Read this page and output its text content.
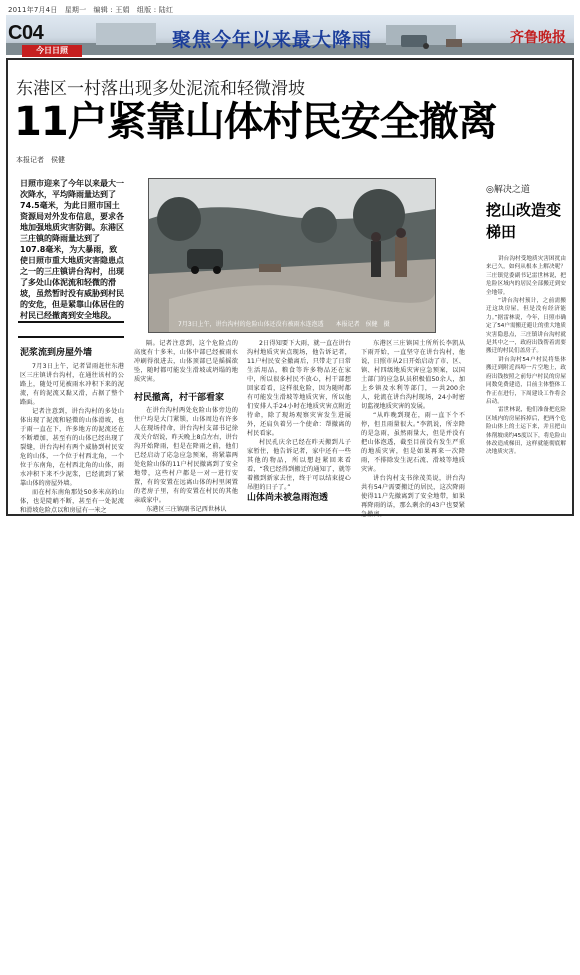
2011年7月4日　星期一　编辑 : 王娟　组版 : 陆红
聚焦今年以来最大降雨	齐鲁晚报
C04
今日日照
东港区一村落出现多处泥流和轻微滑坡
11户紧靠山体村民安全撤离
本报记者　侯健
日照市迎来了今年以来最大一次降水，平均降雨量达到了74.5毫米，为此日照市国土资源局对外发布信息，要求各地加强地质灾害防御。东港区三庄镇的降雨量达到了107.8毫米，为大暴雨，致使日照市重大地质灾害隐患点之一的三庄镇讲台沟村，出现了多处山体泥流和轻微的滑坡，虽然暂时没有威胁到村民的安危，但是紧靠山体居住的村民已经撤离到安全地段。
7月3日上午，讲台沟村的危险山体还没有被雨水连泡透　　本报记者　侯健　摄
泥浆流到房屋外墙

7月3日上午，记者冒雨赶往东港区三庄镇讲台沟村，在通往该村的公路上，随处可见被雨水冲积下来的泥流，有的泥流又黏又滑，占据了整个路面。

记者注意到，讲台沟村的多处山体出现了泥流和轻微的山体滑坡，也于雨一直在下，许多地方的泥流还在不断增加，甚至有的山体已经出现了裂缝，讲台沟村有两个威胁到村民安危的山体，一个位于村西北角，一个位于东南角，在村西北角的山体，雨水冲积下来不少泥浆，已经流到了紧靠山体的房屋外墙。

而在村东南角那处50多米高的山体，也是陡峭不断，甚至有一处泥流和滑坡危险点以和房屋有一米之

隔。记者注意到，这个危险点的高度有十多米，山体中部已经被雨水冲刷得很进去，山体顶部已是摇摇欲坠，随时都可能发生滑坡或坍塌的地质灾害。

村民撤离，村干部看家

在讲台沟村两处危险山体旁边的住户均是大门紧锁，山体周边有许多人在现场持命，讲台沟村支部书记徐茂关介绍说，昨天晚上8点左右，讲台沟开始降雨，但是在降雨之前，他们已经启动了応急应急预案，将紧靠两处危险山体的11户村民撤离到了安全地带，这些村户都是一对一进行安置，有的安置在远离山体的村里闲置的老房子里，有的安置在村民的其他亲戚家中。

东港区三庄镇副书记西世林认

2日得知要下大雨，就一直在讲台沟村地质灾害点现场，他告诉记者，11户村民安全撤离后，只带走了日常生活用品，粮食等许多物品还在家中，所以很多村民不放心，村干部想回家看看，这样很危险，因为随时都有可能发生滑坡等地质灾害，所以他们安排人手24小时在地质灾害点附近待命，除了现场观察灾害发生进展外，还肩负着另一个使命：帮撤离的村民看家。

村民孔庆余已经在昨天搬到儿子家暂住，他告诉记者，家中还有一些其他的物品，所以想赶紧回来看看，“我已经得到搬迁的通知了，就等着搬到新家去住，终于可以结束提心吊胆的日子了。”

山体尚未被急雨泡透

东港区三庄镇国土所所长李凯从下雨开始，一直坚守在讲台沟村，他说，日照市从2日开始启动了市、区、镇、村四级地质灾害应急预案，以国土部门的应急队员积极值50余人，加上乡镇及水利等部门，一共200余人，轮流在讲台沟村现场，24小时密切监视地质灾害的发展。

“从昨晚到现在，雨一直下个不停，但且雨量很大。”李凯说，所幸降的是急雨，虽然雨量大，但是并没有把山体泡透，截至目前没有发生严重的地质灾害，但是如果再来一次降雨，不排除发生泥石流、滑坡等地质灾害。

讲台沟村支书徐茂美说，讲台沟共有54户需要搬迁的居民，这次降雨使得11户先撤离到了安全地带，如果再降雨的话，那么剩余的43户也要紧急撤离。

◎解决之道
挖山改造变梯田

讲台沟村受地质灾害困扰由来已久，如何从根本上解决呢？三庄镇党委副书记雷世林说，把危险区域内的居民全部搬迁到安全地带。

“讲台沟村预计，之前需搬迁这块房屋，但是没有经济能力。”据雷林说，今年，日照市确定了54户需搬迁避让的重大地质灾害隐患点，三庄镇讲台沟村就是其中之一，政府出钱帮着需要搬迁的村民们盖房子。

讲台沟村54户村民将集体搬迁到附近西埠一片空地上，政府出钱按照之前每户村民的房屋同数免费建造，目前主体整体工作正在进行，下周建设工作将会启动。

雷世林说，他们准备把危险区域内的房屋拆掉后，把两个危险山体上的土运下来，并且把山体削坡成约45度以下，将危险山体改造成梯田，这样就能彻底解决地质灾害。
